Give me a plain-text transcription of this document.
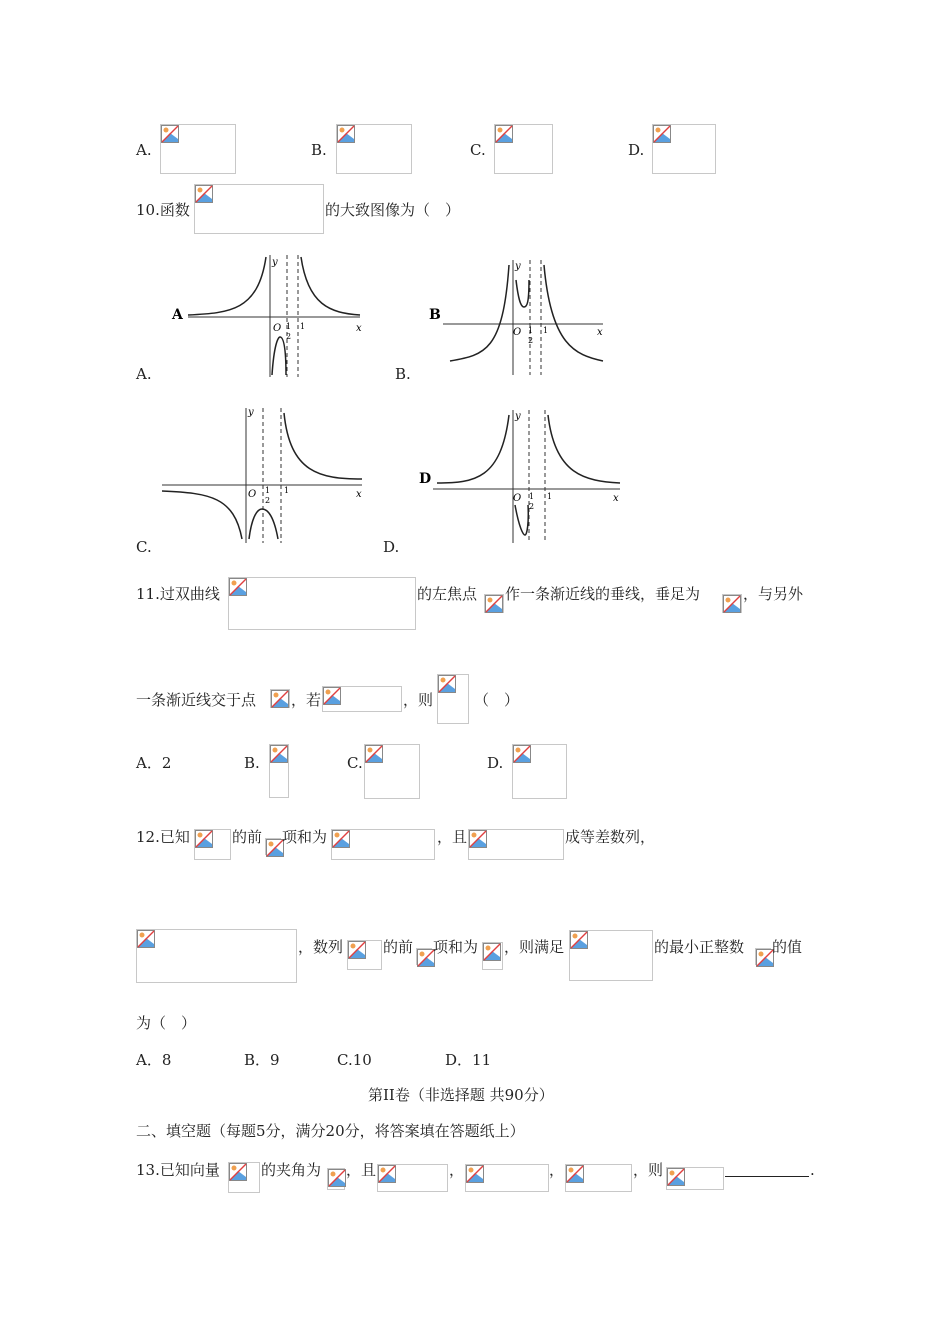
A.	B.	C.	D.
10.函数	的大致图像为（　）
A
y
x
O 1
2
1
A.
B
y
x
O 1
2
1
B.
y
x
O 1
2
1
C.
D
y
x
O 1
2
1
D.
11.过双曲线	的左焦点 作一条渐近线的垂线，垂足为	，与另外
一条渐近线交于点 ，若	，则	（　）
A．2	B.	C.	D.
12.已知	的前 项和为	，且	成等差数列，
，数列	的前 项和为 ，则满足	的最小正整数 的值
为（　）
A．8	B．9	C.10	D．11
第II卷（非选择题 共90分）
二、填空题（每题5分，满分20分，将答案填在答题纸上）
13.已知向量	的夹角为 ，且	，	，	，则	.
